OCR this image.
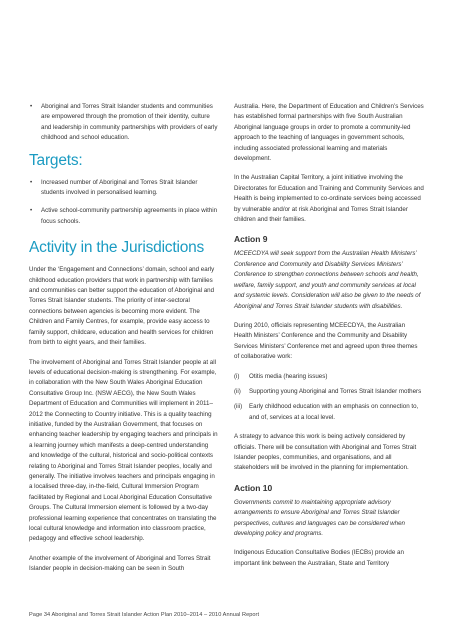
• Aboriginal and Torres Strait Islander students and communities are empowered through the promotion of their identity, culture and leadership in community partnerships with providers of early childhood and school education.

Targets:

• Increased number of Aboriginal and Torres Strait Islander students involved in personalised learning.

• Active school-community partnership agreements in place within focus schools.

Activity in the Jurisdictions

Under the ‘Engagement and Connections’ domain, school and early childhood education providers that work in partnership with families and communities can better support the education of Aboriginal and Torres Strait Islander students. The priority of inter-sectoral connections between agencies is becoming more evident. The Children and Family Centres, for example, provide easy access to family support, childcare, education and health services for children from birth to eight years, and their families.

The involvement of Aboriginal and Torres Strait Islander people at all levels of educational decision-making is strengthening. For example, in collaboration with the New South Wales Aboriginal Education Consultative Group Inc. (NSW AECG), the New South Wales Department of Education and Communities will implement in 2011–2012 the Connecting to Country initiative. This is a quality teaching initiative, funded by the Australian Government, that focuses on enhancing teacher leadership by engaging teachers and principals in a learning journey which manifests a deep-centred understanding and knowledge of the cultural, historical and socio-political contexts relating to Aboriginal and Torres Strait Islander peoples, locally and generally. The initiative involves teachers and principals engaging in a localised three-day, in-the-field, Cultural Immersion Program facilitated by Regional and Local Aboriginal Education Consultative Groups. The Cultural Immersion element is followed by a two-day professional learning experience that concentrates on translating the local cultural knowledge and information into classroom practice, pedagogy and effective school leadership.

Another example of the involvement of Aboriginal and Torres Strait Islander people in decision-making can be seen in South

Australia. Here, the Department of Education and Children’s Services has established formal partnerships with five South Australian Aboriginal language groups in order to promote a community-led approach to the teaching of languages in government schools, including associated professional learning and materials development.

In the Australian Capital Territory, a joint initiative involving the Directorates for Education and Training and Community Services and Health is being implemented to co-ordinate services being accessed by vulnerable and/or at risk Aboriginal and Torres Strait Islander children and their families.

Action 9

MCEECDYA will seek support from the Australian Health Ministers’ Conference and Community and Disability Services Ministers’ Conference to strengthen connections between schools and health, welfare, family support, and youth and community services at local and systemic levels. Consideration will also be given to the needs of Aboriginal and Torres Strait Islander students with disabilities.

During 2010, officials representing MCEECDYA, the Australian Health Ministers’ Conference and the Community and Disability Services Ministers’ Conference met and agreed upon three themes of collaborative work:

(i) Otitis media (hearing issues)

(ii) Supporting young Aboriginal and Torres Strait Islander mothers

(iii) Early childhood education with an emphasis on connection to, and of, services at a local level.

A strategy to advance this work is being actively considered by officials. There will be consultation with Aboriginal and Torres Strait Islander peoples, communities, and organisations, and all stakeholders will be involved in the planning for implementation.

Action 10

Governments commit to maintaining appropriate advisory arrangements to ensure Aboriginal and Torres Strait Islander perspectives, cultures and languages can be considered when developing policy and programs.

Indigenous Education Consultative Bodies (IECBs) provide an important link between the Australian, State and Territory

Page 34 Aboriginal and Torres Strait Islander Action Plan 2010–2014 – 2010 Annual Report
